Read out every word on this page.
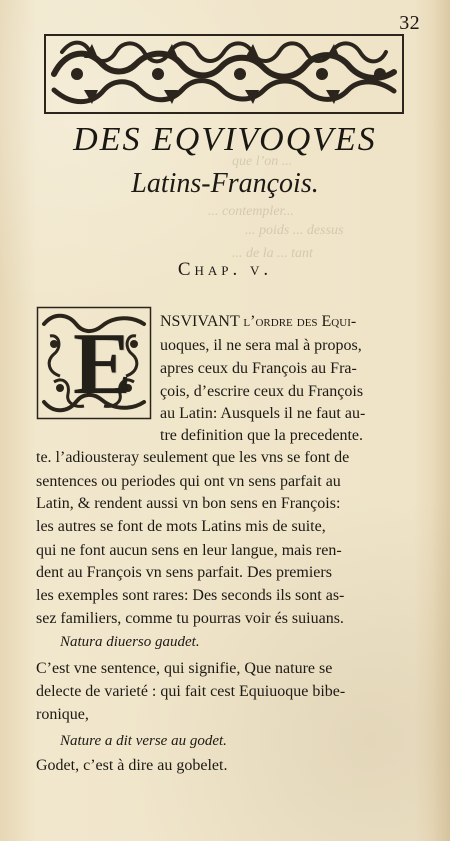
que l’on ...
... contempler...
... poids ... dessus
... de la ... tant
32
DES EQVIVOQVES
Latins-François.
Chap. v.
E NSVIVANT l’ordre des Equi-
uoques, il ne sera mal à propos,
apres ceux du François au Fra-
çois, d’escrire ceux du François
au Latin: Ausquels il ne faut au-
tre definition que la precedente.
te. l’adiousteray seulement que les vns se font de
sentences ou periodes qui ont vn sens parfait au
Latin, & rendent aussi vn bon sens en François:
les autres se font de mots Latins mis de suite,
qui ne font aucun sens en leur langue, mais ren-
dent au François vn sens parfait. Des premiers
les exemples sont rares: Des seconds ils sont as-
sez familiers, comme tu pourras voir és suiuans.
Natura diuerso gaudet.
C’est vne sentence, qui signifie, Que nature se
delecte de varieté : qui fait cest Equiuoque bibe-
ronique,
Nature a dit verse au godet.
Godet, c’est à dire au gobelet.
